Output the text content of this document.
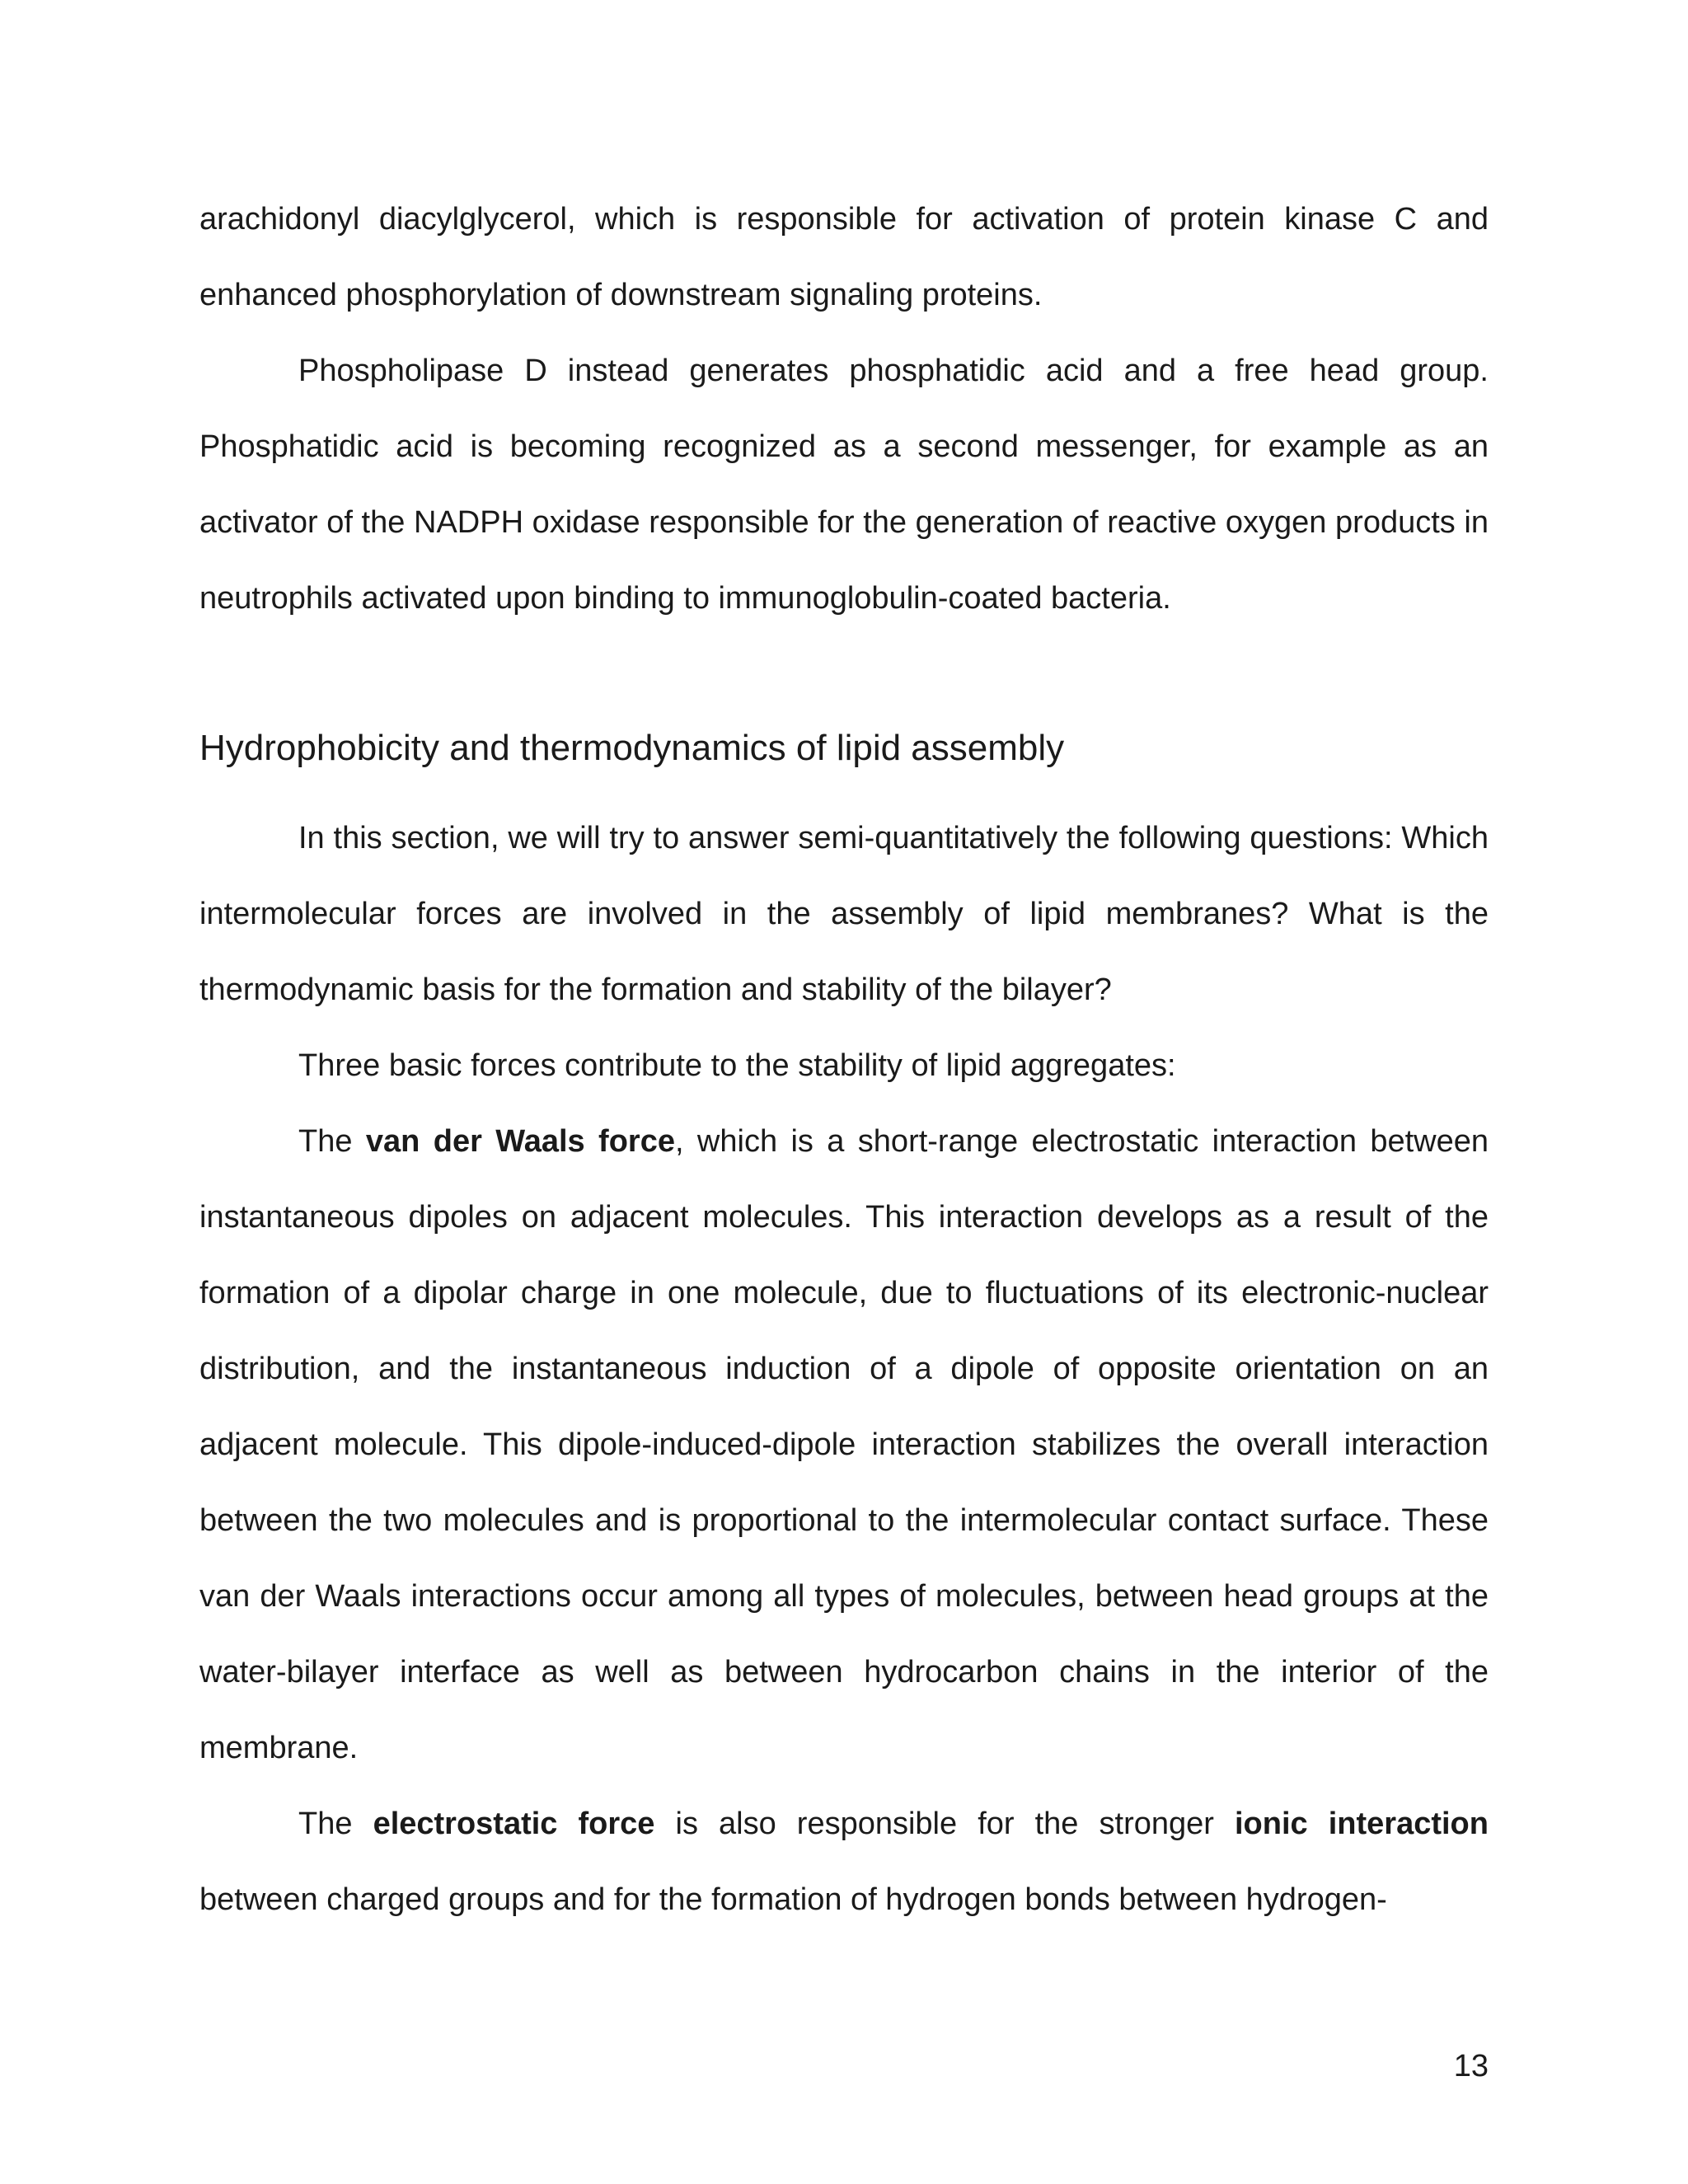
arachidonyl diacylglycerol, which is responsible for activation of protein kinase C and enhanced phosphorylation of downstream signaling proteins.

Phospholipase D instead generates phosphatidic acid and a free head group. Phosphatidic acid is becoming recognized as a second messenger, for example as an activator of the NADPH oxidase responsible for the generation of reactive oxygen products in neutrophils activated upon binding to immunoglobulin-coated bacteria.

Hydrophobicity and thermodynamics of lipid assembly

In this section, we will try to answer semi-quantitatively the following questions: Which intermolecular forces are involved in the assembly of lipid membranes? What is the thermodynamic basis for the formation and stability of the bilayer?

Three basic forces contribute to the stability of lipid aggregates:

The van der Waals force, which is a short-range electrostatic interaction between instantaneous dipoles on adjacent molecules. This interaction develops as a result of the formation of a dipolar charge in one molecule, due to fluctuations of its electronic-nuclear distribution, and the instantaneous induction of a dipole of opposite orientation on an adjacent molecule. This dipole-induced-dipole interaction stabilizes the overall interaction between the two molecules and is proportional to the intermolecular contact surface. These van der Waals interactions occur among all types of molecules, between head groups at the water-bilayer interface as well as between hydrocarbon chains in the interior of the membrane.

The electrostatic force is also responsible for the stronger ionic interaction between charged groups and for the formation of hydrogen bonds between hydrogen-

13
